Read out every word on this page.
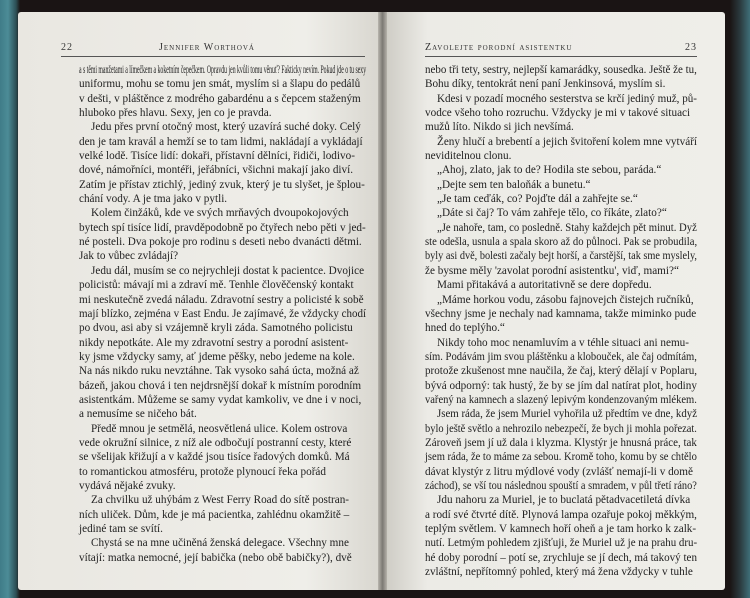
22	Jennifer Worthová
a s těmi manžetami a límečkem a koketním čepečkem. Opravdu jen kvůli tomu věnuť? Fakticky nevím. Pokud jde o tu sexy
uniformu, mohu se tomu jen smát, myslím si a šlapu do pedálů
v dešti, v pláštěnce z modrého gabardénu a s čepcem staženým
hluboko přes hlavu. Sexy, jen co je pravda.
Jedu přes první otočný most, který uzavírá suché doky. Celý
den je tam kravál a hemží se to tam lidmi, nakládají a vykládají
velké lodě. Tisíce lidí: dokaři, přístavní dělníci, řidiči, lodivo-
dové, námořníci, montéři, jeřábníci, všichni makají jako diví.
Zatím je přístav ztichlý, jediný zvuk, který je tu slyšet, je šplou-
chání vody. A je tma jako v pytli.
Kolem činžáků, kde ve svých mrňavých dvoupokojových
bytech spí tisíce lidí, pravděpodobně po čtyřech nebo pěti v jed-
né posteli. Dva pokoje pro rodinu s deseti nebo dvanácti dětmi.
Jak to vůbec zvládají?
Jedu dál, musím se co nejrychleji dostat k pacientce. Dvojice
policistů: mávají mi a zdraví mě. Tenhle člověčenský kontakt
mi neskutečně zvedá náladu. Zdravotní sestry a policisté k sobě
mají blízko, zejména v East Endu. Je zajímavé, že vždycky chodí
po dvou, asi aby si vzájemně kryli záda. Samotného policistu
nikdy nepotkáte. Ale my zdravotní sestry a porodní asistent-
ky jsme vždycky samy, ať jdeme pěšky, nebo jedeme na kole.
Na nás nikdo ruku nevztáhne. Tak vysoko sahá úcta, možná až
bázeň, jakou chová i ten nejdrsnější dokař k místním porodním
asistentkám. Můžeme se samy vydat kamkoliv, ve dne i v noci,
a nemusíme se ničeho bát.
Předě mnou je setmělá, neosvětlená ulice. Kolem ostrova
vede okružní silnice, z níž ale odbočují postranní cesty, které
se všelijak křižují a v každé jsou tisíce řadových domků. Má
to romantickou atmosféru, protože plynoucí řeka pořád
vydává nějaké zvuky.
Za chvilku už uhýbám z West Ferry Road do sítě postran-
ních uliček. Dům, kde je má pacientka, zahlédnu okamžitě –
jediné tam se svítí.
Chystá se na mne učiněná ženská delegace. Všechny mne
vítají: matka nemocné, její babička (nebo obě babičky?), dvě
Zavolejte porodní asistentku	23
nebo tři tety, sestry, nejlepší kamarádky, sousedka. Ještě že tu,
Bohu díky, tentokrát není paní Jenkinsová, myslím si.
Kdesi v pozadí mocného sesterstva se krčí jediný muž, pů-
vodce všeho toho rozruchu. Vždycky je mi v takové situaci
mužů líto. Nikdo si jich nevšímá.
Ženy hlučí a brebentí a jejich švitoření kolem mne vytváří
neviditelnou clonu.
„Ahoj, zlato, jak to de? Hodila ste sebou, paráda.“
„Dejte sem ten baloňák a bunetu.“
„Je tam ceďák, co? Pojďte dál a zahřejte se.“
„Dáte si čaj? To vám zahřeje tělo, co říkáte, zlato?“
„Je nahoře, tam, co posledně. Stahy každejch pět minut. Dyž
ste odešla, usnula a spala skoro až do půlnoci. Pak se probudila,
byly asi dvě, bolesti začaly bejt horší, a čarstější, tak sme myslely,
že bysme měly 'zavolat porodní asistentku', viď, mami?“
Mami přitakává a autoritativně se dere dopředu.
„Máme horkou vodu, zásobu fajnovejch čistejch ručníků,
všechny jsme je nechaly nad kamnama, takže miminko pude
hned do teplýho.“
Nikdy toho moc nenamluvím a v téhle situaci ani nemu-
sím. Podávám jim svou pláštěnku a klobouček, ale čaj odmítám,
protože zkušenost mne naučila, že čaj, který dělají v Poplaru,
bývá odporný: tak hustý, že by se jím dal natírat plot, hodiny
vařený na kamnech a slazený lepivým kondenzovaným mlékem.
Jsem ráda, že jsem Muriel vyhořila už předtím ve dne, když
bylo ještě světlo a nehrozilo nebezpečí, že bych ji mohla pořezat.
Zároveň jsem jí už dala i klyzma. Klystýr je hnusná práce, tak
jsem ráda, že to máme za sebou. Kromě toho, komu by se chtělo
dávat klystýr z litru mýdlové vody (zvlášť nemají-li v domě
záchod), se vší tou následnou spouští a smradem, v půl třetí ráno?
Jdu nahoru za Muriel, je to buclatá pětadvacetiletá dívka
a rodí své čtvrté dítě. Plynová lampa ozařuje pokoj měkkým,
teplým světlem. V kamnech hoří oheň a je tam horko k zalk-
nutí. Letmým pohledem zjišťuji, že Muriel už je na prahu dru-
hé doby porodní – potí se, zrychluje se jí dech, má takový ten
zvláštní, nepřítomný pohled, který má žena vždycky v tuhle
